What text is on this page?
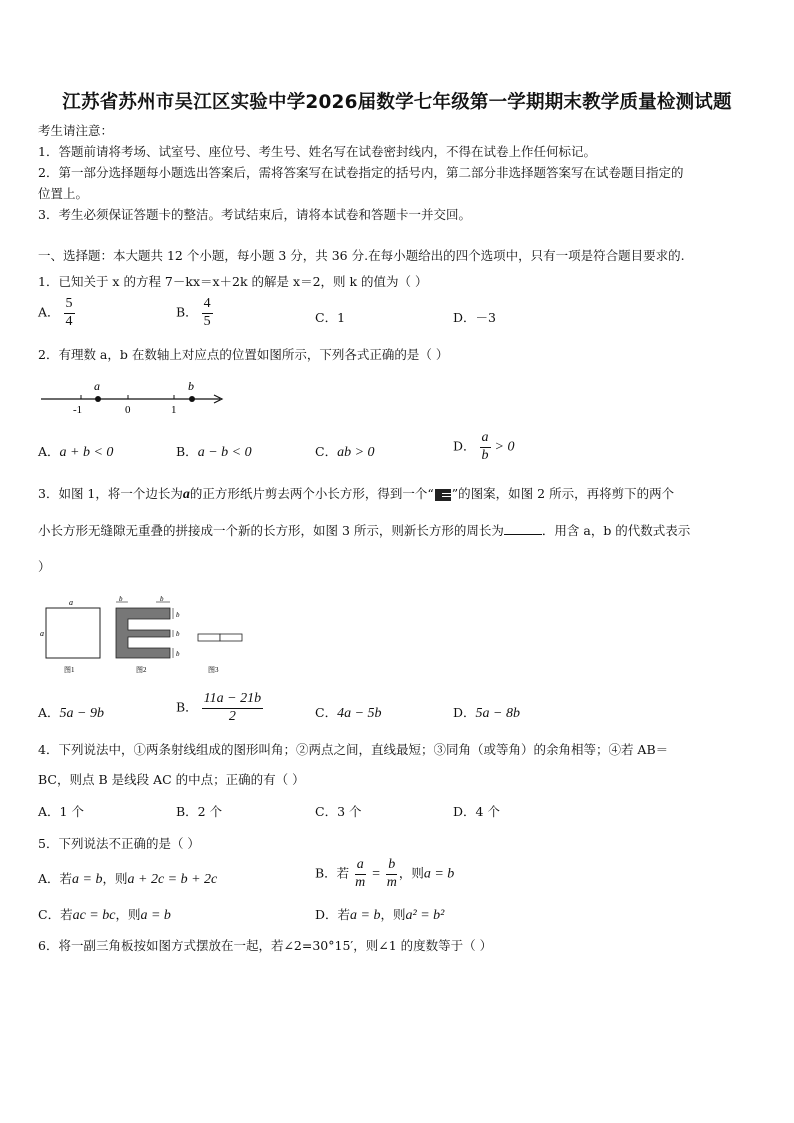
江苏省苏州市吴江区实验中学2026届数学七年级第一学期期末教学质量检测试题
考生请注意：
1．答题前请将考场、试室号、座位号、考生号、姓名写在试卷密封线内，不得在试卷上作任何标记。
2．第一部分选择题每小题选出答案后，需将答案写在试卷指定的括号内，第二部分非选择题答案写在试卷题目指定的
位置上。
3．考生必须保证答题卡的整洁。考试结束后，请将本试卷和答题卡一并交回。
一、选择题：本大题共 12 个小题，每小题 3 分，共 36 分.在每小题给出的四个选项中，只有一项是符合题目要求的.
1．已知关于 x 的方程 7－kx＝x＋2k 的解是 x＝2，则 k 的值为（ ）
A． $\frac{5}{4}$	B． $\frac{4}{5}$	C．1	D．－3
2．有理数 a，b 在数轴上对应点的位置如图所示，下列各式正确的是（ ）
a	b
-1	0	1
A．a + b < 0	B．a − b < 0	C．ab > 0	D． $\frac{a}{b} > 0$
3．如图 1，将一个边长为a的正方形纸片剪去两个小长方形，得到一个“ ”的图案，如图 2 所示，再将剪下的两个
小长方形无缝隙无重叠的拼接成一个新的长方形，如图 3 所示，则新长方形的周长为	．用含 a，b 的代数式表示
）
a
a
图1
b	b
b
b
b
图2	图3
A．5a − 9b	B． $\frac{11a - 21b}{2}$	C．4a − 5b	D．5a − 8b
4．下列说法中，①两条射线组成的图形叫角；②两点之间，直线最短；③同角（或等角）的余角相等；④若 AB＝
BC，则点 B 是线段 AC 的中点；正确的有（ ）
A．1 个	B．2 个	C．3 个	D．4 个
5．下列说法不正确的是（ ）
A．若a = b，则a + 2c = b + 2c	B．若 $\frac{a}{m} = \frac{b}{m}$ ，则a = b
C．若ac = bc，则a = b	D．若a = b，则a² = b²
6．将一副三角板按如图方式摆放在一起，若∠2=30°15′，则∠1 的度数等于（ ）
